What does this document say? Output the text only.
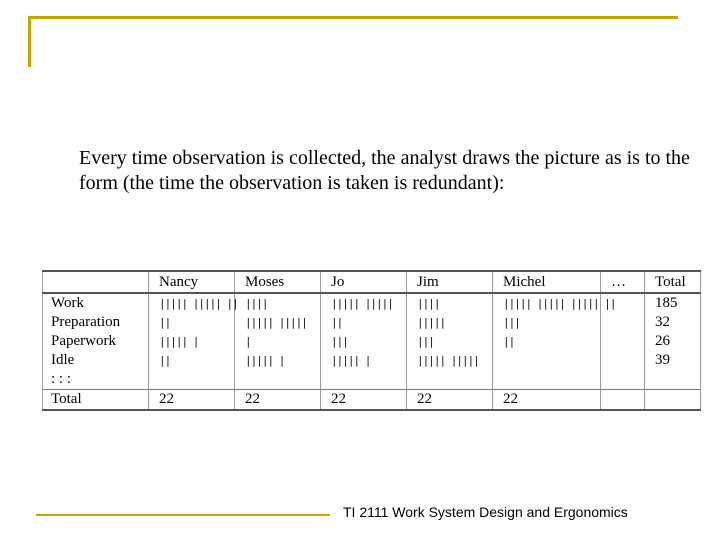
Every time observation is collected, the analyst draws the picture as is to the form (the time the observation is taken is redundant):

	Nancy	Moses	Jo	Jim	Michel	…	Total
Work	||||| ||||| ||	||||	||||| |||||	||||	||||| ||||| ||||| ||		185
Preparation	||	||||| |||||	||	|||||	|||		32
Paperwork	||||| |	|	|||	|||	||		26
Idle	||	||||| |	||||| |	||||| |||||			39
: : :							
Total	22	22	22	22	22		
TI 2111 Work System Design and Ergonomics
